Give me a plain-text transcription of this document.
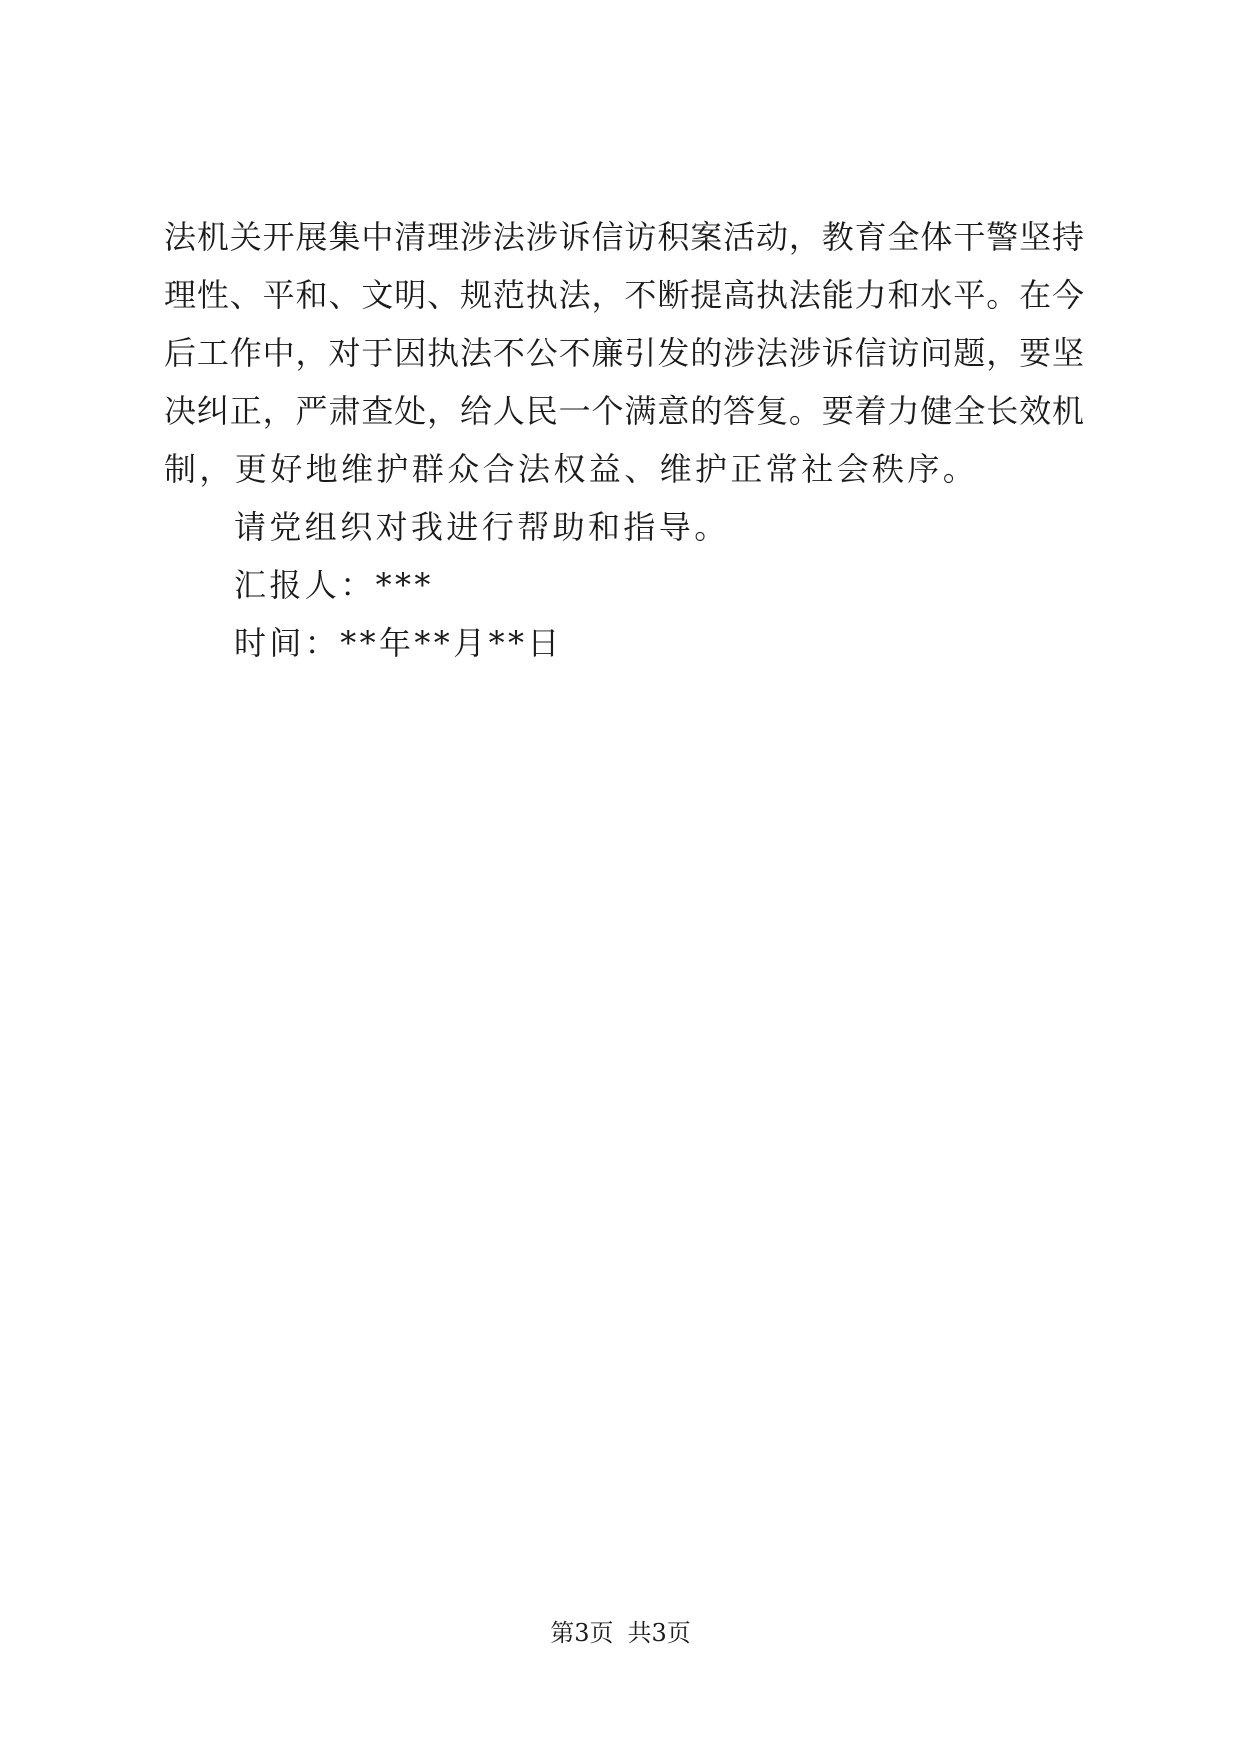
法机关开展集中清理涉法涉诉信访积案活动，教育全体干警坚持
理性、平和、文明、规范执法，不断提高执法能力和水平。在今
后工作中，对于因执法不公不廉引发的涉法涉诉信访问题，要坚
决纠正，严肃查处，给人民一个满意的答复。要着力健全长效机
制，更好地维护群众合法权益、维护正常社会秩序。
请党组织对我进行帮助和指导。
汇报人：***
时间：**年**月**日
第3页 共3页
